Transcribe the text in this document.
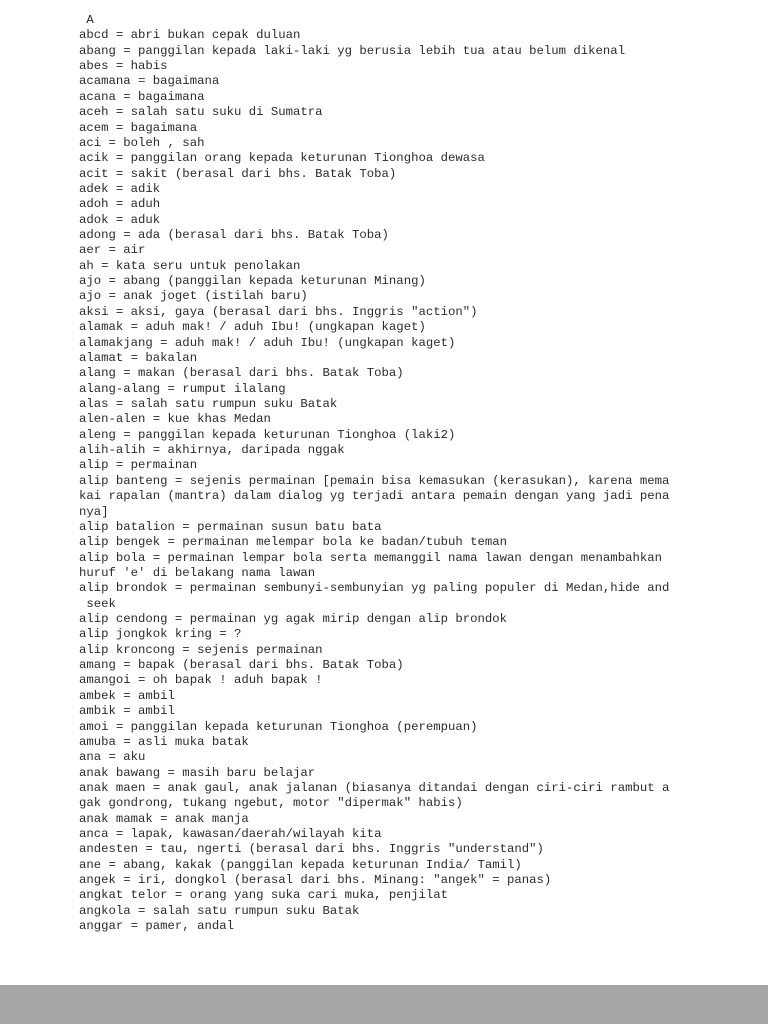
A
abcd = abri bukan cepak duluan
abang = panggilan kepada laki-laki yg berusia lebih tua atau belum dikenal
abes = habis
acamana = bagaimana
acana = bagaimana
aceh = salah satu suku di Sumatra
acem = bagaimana
aci = boleh , sah
acik = panggilan orang kepada keturunan Tionghoa dewasa
acit = sakit (berasal dari bhs. Batak Toba)
adek = adik
adoh = aduh
adok = aduk
adong = ada (berasal dari bhs. Batak Toba)
aer = air
ah = kata seru untuk penolakan
ajo = abang (panggilan kepada keturunan Minang)
ajo = anak joget (istilah baru)
aksi = aksi, gaya (berasal dari bhs. Inggris "action")
alamak = aduh mak! / aduh Ibu! (ungkapan kaget)
alamakjang = aduh mak! / aduh Ibu! (ungkapan kaget)
alamat = bakalan
alang = makan (berasal dari bhs. Batak Toba)
alang-alang = rumput ilalang
alas = salah satu rumpun suku Batak
alen-alen = kue khas Medan
aleng = panggilan kepada keturunan Tionghoa (laki2)
alih-alih = akhirnya, daripada nggak
alip = permainan
alip banteng = sejenis permainan [pemain bisa kemasukan (kerasukan), karena mema
kai rapalan (mantra) dalam dialog yg terjadi antara pemain dengan yang jadi pena
nya]
alip batalion = permainan susun batu bata
alip bengek = permainan melempar bola ke badan/tubuh teman
alip bola = permainan lempar bola serta memanggil nama lawan dengan menambahkan
huruf 'e' di belakang nama lawan
alip brondok = permainan sembunyi-sembunyian yg paling populer di Medan,hide and
seek
alip cendong = permainan yg agak mirip dengan alip brondok
alip jongkok kring = ?
alip kroncong = sejenis permainan
amang = bapak (berasal dari bhs. Batak Toba)
amangoi = oh bapak ! aduh bapak !
ambek = ambil
ambik = ambil
amoi = panggilan kepada keturunan Tionghoa (perempuan)
amuba = asli muka batak
ana = aku
anak bawang = masih baru belajar
anak maen = anak gaul, anak jalanan (biasanya ditandai dengan ciri-ciri rambut a
gak gondrong, tukang ngebut, motor "dipermak" habis)
anak mamak = anak manja
anca = lapak, kawasan/daerah/wilayah kita
andesten = tau, ngerti (berasal dari bhs. Inggris "understand")
ane = abang, kakak (panggilan kepada keturunan India/ Tamil)
angek = iri, dongkol (berasal dari bhs. Minang: "angek" = panas)
angkat telor = orang yang suka cari muka, penjilat
angkola = salah satu rumpun suku Batak
anggar = pamer, andal
